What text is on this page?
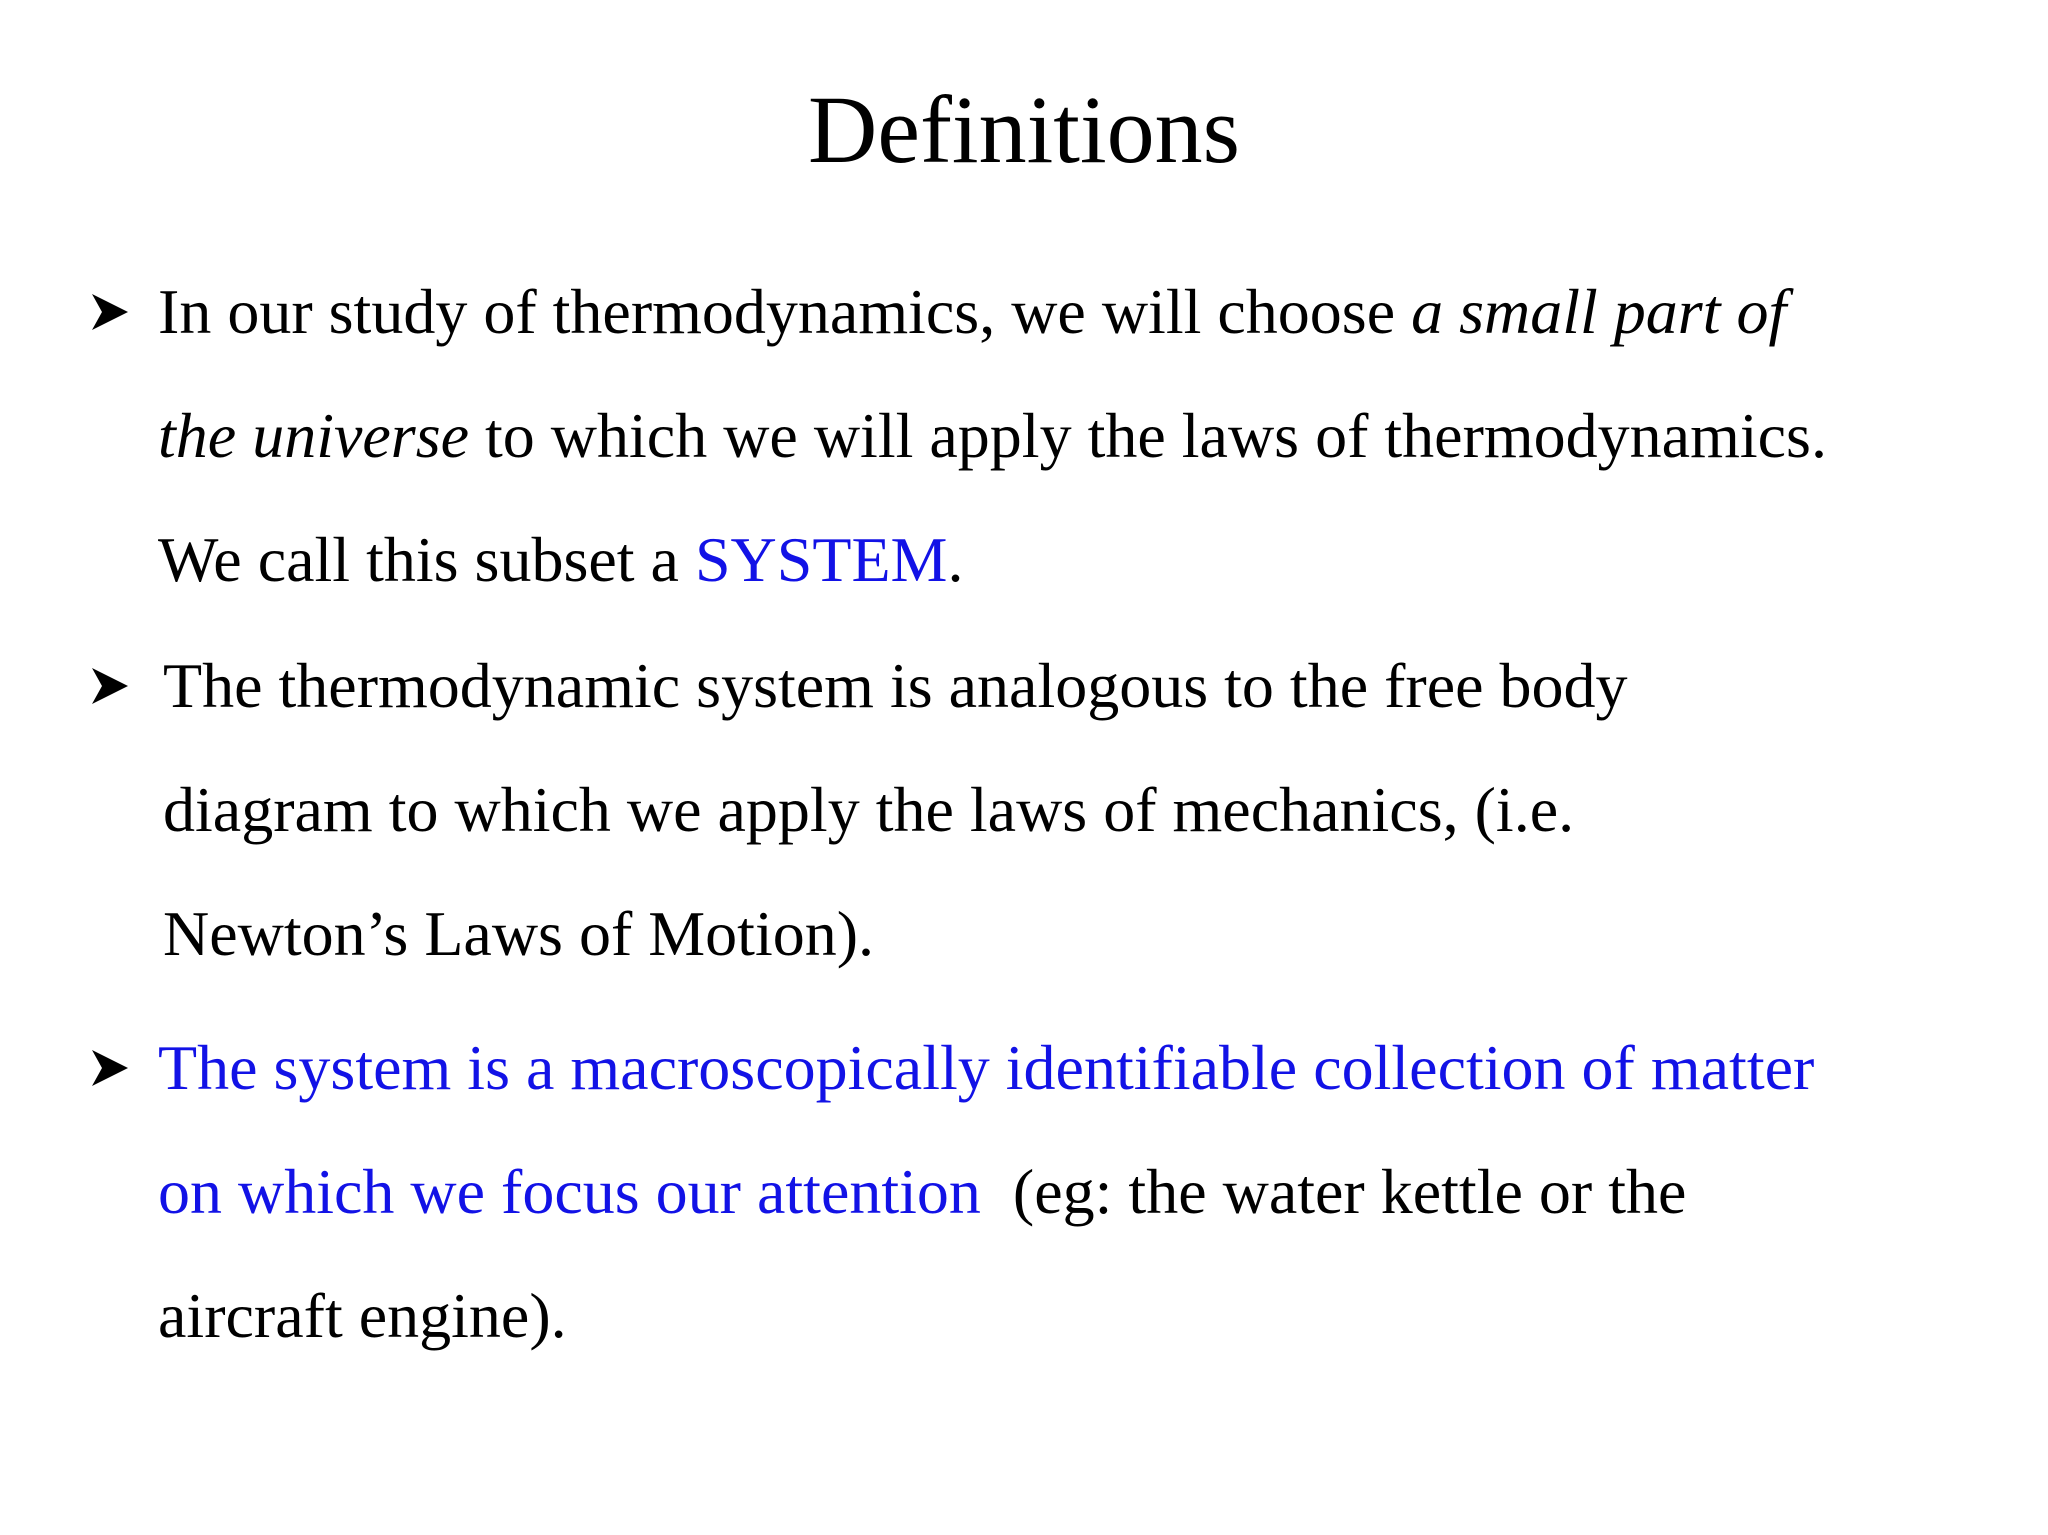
Definitions
In our study of thermodynamics, we will choose a small part of
the universe to which we will apply the laws of thermodynamics.
We call this subset a SYSTEM.
The thermodynamic system is analogous to the free body
diagram to which we apply the laws of mechanics, (i.e.
Newton’s Laws of Motion).
The system is a macroscopically identifiable collection of matter
on which we focus our attention  (eg: the water kettle or the
aircraft engine).
